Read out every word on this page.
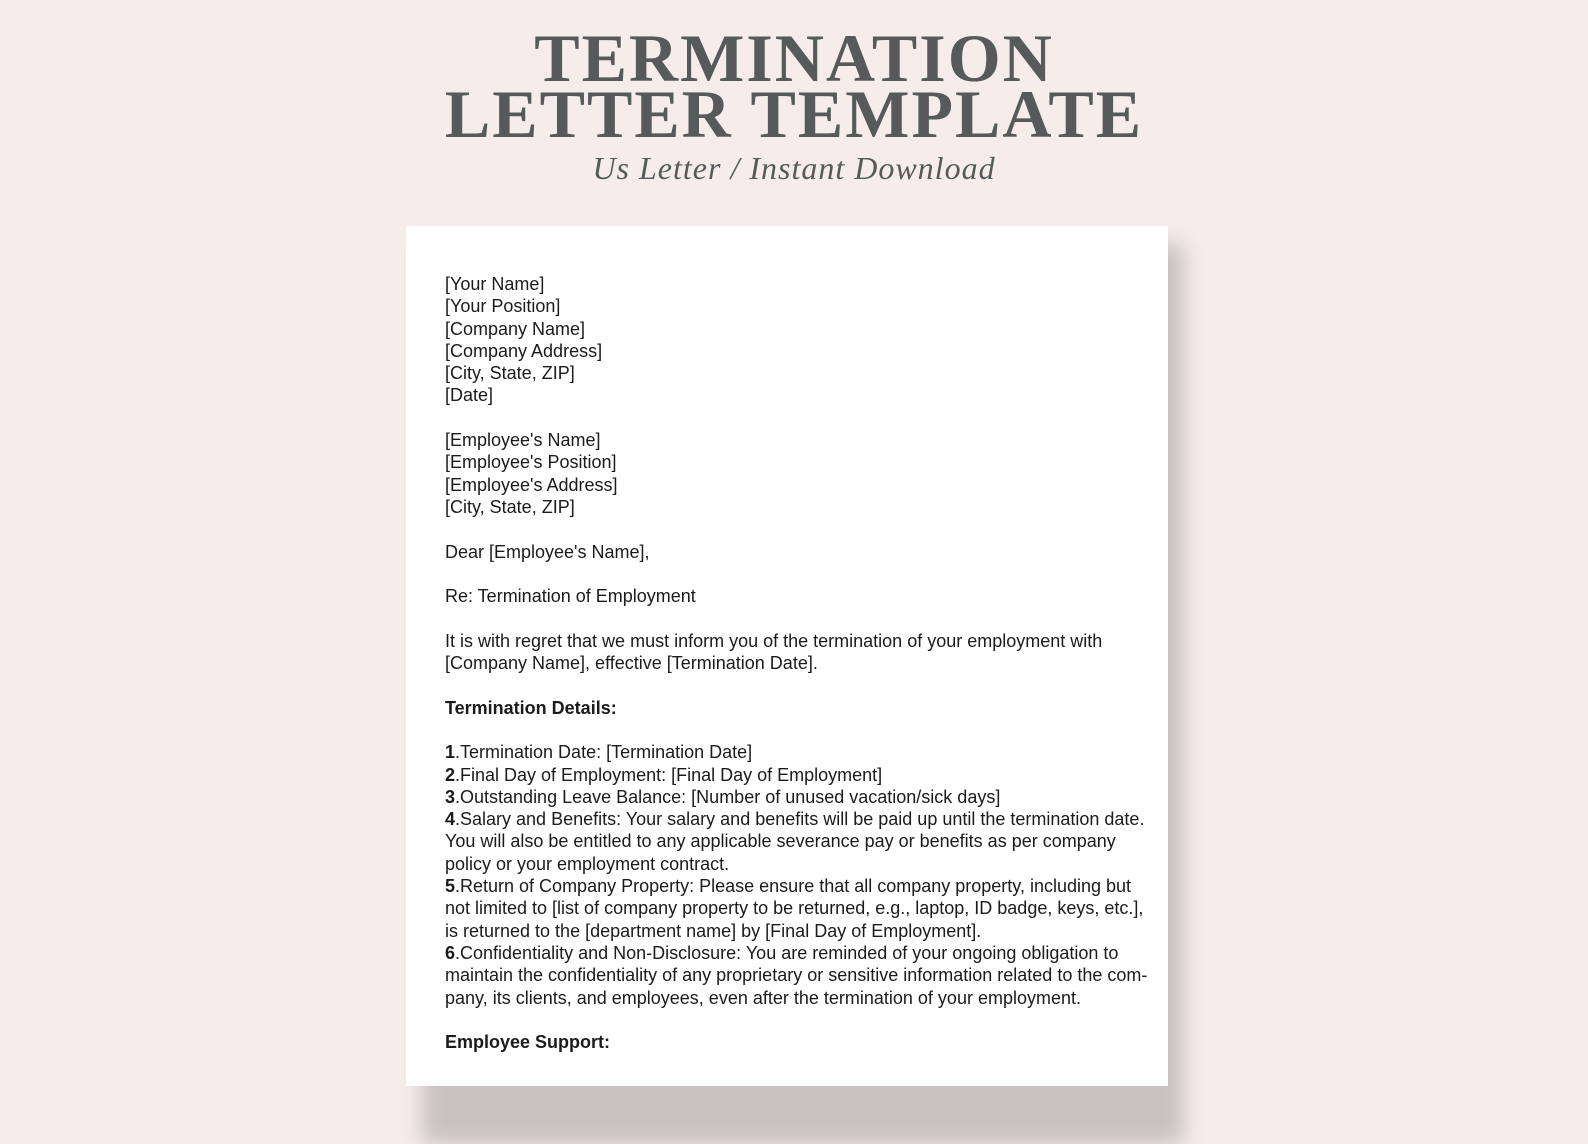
TERMINATION
LETTER TEMPLATE
Us Letter / Instant Download
[Your Name]
[Your Position]
[Company Name]
[Company Address]
[City, State, ZIP]
[Date]
[Employee's Name]
[Employee's Position]
[Employee's Address]
[City, State, ZIP]
Dear [Employee's Name],
Re: Termination of Employment
It is with regret that we must inform you of the termination of your employment with
[Company Name], effective [Termination Date].
Termination Details:
1.Termination Date: [Termination Date]
2.Final Day of Employment: [Final Day of Employment]
3.Outstanding Leave Balance: [Number of unused vacation/sick days]
4.Salary and Benefits: Your salary and benefits will be paid up until the termination date.
You will also be entitled to any applicable severance pay or benefits as per company
policy or your employment contract.
5.Return of Company Property: Please ensure that all company property, including but
not limited to [list of company property to be returned, e.g., laptop, ID badge, keys, etc.],
is returned to the [department name] by [Final Day of Employment].
6.Confidentiality and Non-Disclosure: You are reminded of your ongoing obligation to
maintain the confidentiality of any proprietary or sensitive information related to the com-
pany, its clients, and employees, even after the termination of your employment.
Employee Support:
